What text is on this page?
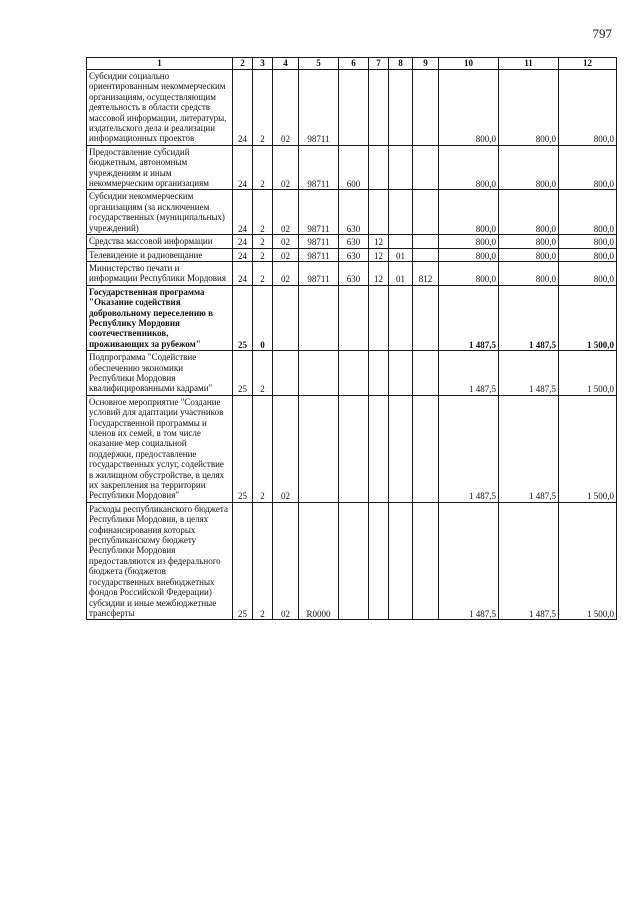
797
1	2	3	4	5	6	7	8	9	10	11	12
Субсидии социально ориентированным некоммерческим организациям, осуществляющим деятельность в области средств массовой информации, литературы, издательского дела и реализации информационных проектов	24	2	02	98711					800,0	800,0	800,0
Предоставление субсидий бюджетным, автономным учреждениям и иным некоммерческим организациям	24	2	02	98711	600				800,0	800,0	800,0
Субсидии некоммерческим организациям (за исключением государственных (муниципальных) учреждений)	24	2	02	98711	630				800,0	800,0	800,0
Средства массовой информации	24	2	02	98711	630	12			800,0	800,0	800,0
Телевидение и радиовещание	24	2	02	98711	630	12	01		800,0	800,0	800,0
Министерство печати и информации Республики Мордовия	24	2	02	98711	630	12	01	812	800,0	800,0	800,0
Государственная программа "Оказание содействия добровольному переселению в Республику Мордовия соотечественников, проживающих за рубежом"	25	0							1 487,5	1 487,5	1 500,0
Подпрограмма "Содействие обеспечению экономики Республики Мордовия квалифицированными кадрами"	25	2							1 487,5	1 487,5	1 500,0
Основное мероприятие "Создание условий для адаптации участников Государственной программы и членов их семей, в том числе оказание мер социальной поддержки, предоставление государственных услуг, содействие в жилищном обустройстве, в целях их закрепления на территории Республики Мордовия"	25	2	02						1 487,5	1 487,5	1 500,0
Расходы республиканского бюджета Республики Мордовия, в целях софинансирования которых республиканскому бюджету Республики Мордовия предоставляются из федерального бюджета (бюджетов государственных внебюджетных фондов Российской Федерации) субсидии и иные межбюджетные трансферты	25	2	02	R0000					1 487,5	1 487,5	1 500,0
